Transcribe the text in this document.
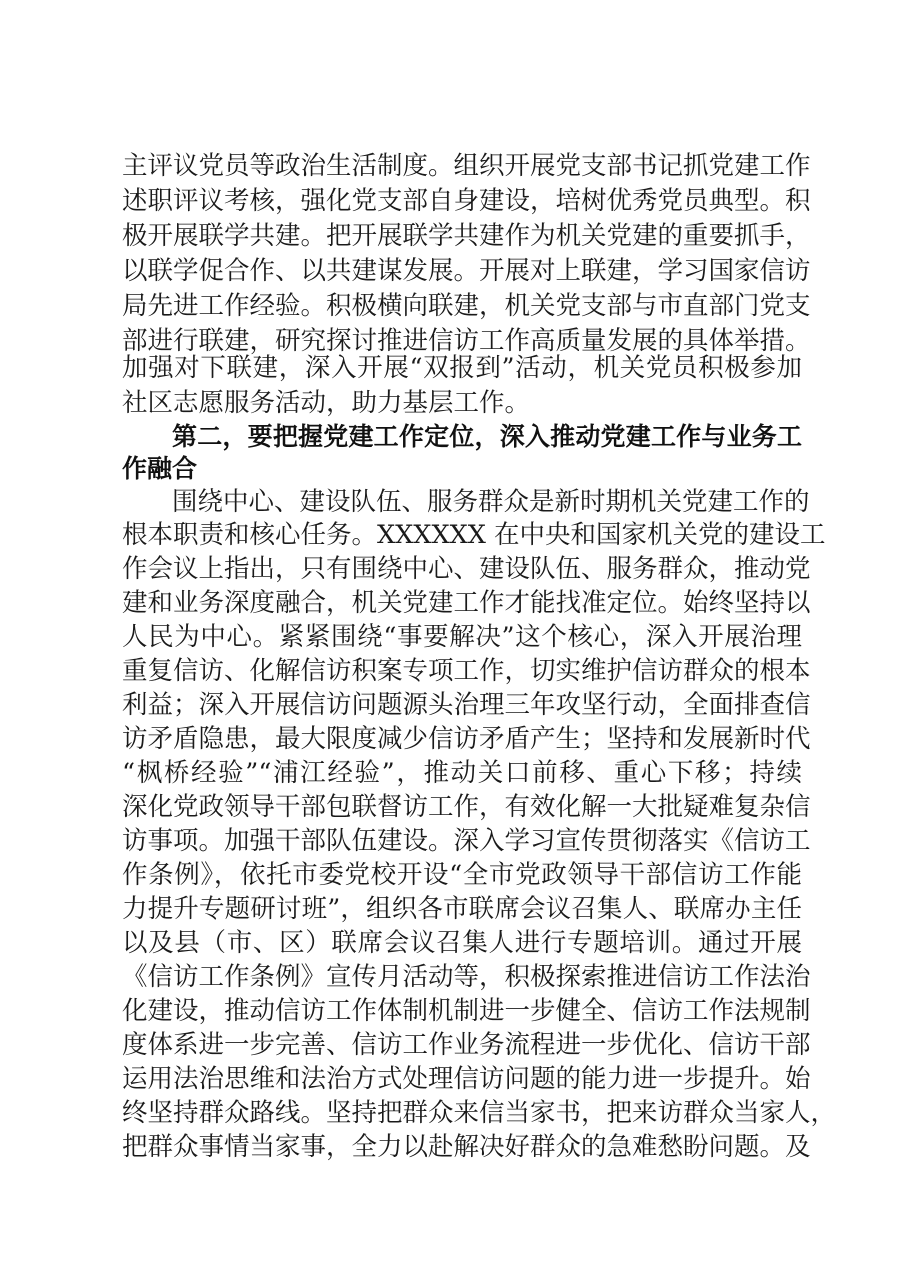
主评议党员等政治生活制度。组织开展党支部书记抓党建工作
述职评议考核，强化党支部自身建设，培树优秀党员典型。积
极开展联学共建。把开展联学共建作为机关党建的重要抓手，
以联学促合作、以共建谋发展。开展对上联建，学习国家信访
局先进工作经验。积极横向联建，机关党支部与市直部门党支
部进行联建，研究探讨推进信访工作高质量发展的具体举措。
加强对下联建，深入开展“双报到”活动，机关党员积极参加
社区志愿服务活动，助力基层工作。
第二，要把握党建工作定位，深入推动党建工作与业务工
作融合
围绕中心、建设队伍、服务群众是新时期机关党建工作的
根本职责和核心任务。XXXXXX 在中央和国家机关党的建设工
作会议上指出，只有围绕中心、建设队伍、服务群众，推动党
建和业务深度融合，机关党建工作才能找准定位。始终坚持以
人民为中心。紧紧围绕“事要解决”这个核心，深入开展治理
重复信访、化解信访积案专项工作，切实维护信访群众的根本
利益；深入开展信访问题源头治理三年攻坚行动，全面排查信
访矛盾隐患，最大限度减少信访矛盾产生；坚持和发展新时代
“枫桥经验”“浦江经验”，推动关口前移、重心下移；持续
深化党政领导干部包联督访工作，有效化解一大批疑难复杂信
访事项。加强干部队伍建设。深入学习宣传贯彻落实《信访工
作条例》，依托市委党校开设“全市党政领导干部信访工作能
力提升专题研讨班”，组织各市联席会议召集人、联席办主任
以及县（市、区）联席会议召集人进行专题培训。通过开展
《信访工作条例》宣传月活动等，积极探索推进信访工作法治
化建设，推动信访工作体制机制进一步健全、信访工作法规制
度体系进一步完善、信访工作业务流程进一步优化、信访干部
运用法治思维和法治方式处理信访问题的能力进一步提升。始
终坚持群众路线。坚持把群众来信当家书，把来访群众当家人，
把群众事情当家事，全力以赴解决好群众的急难愁盼问题。及
